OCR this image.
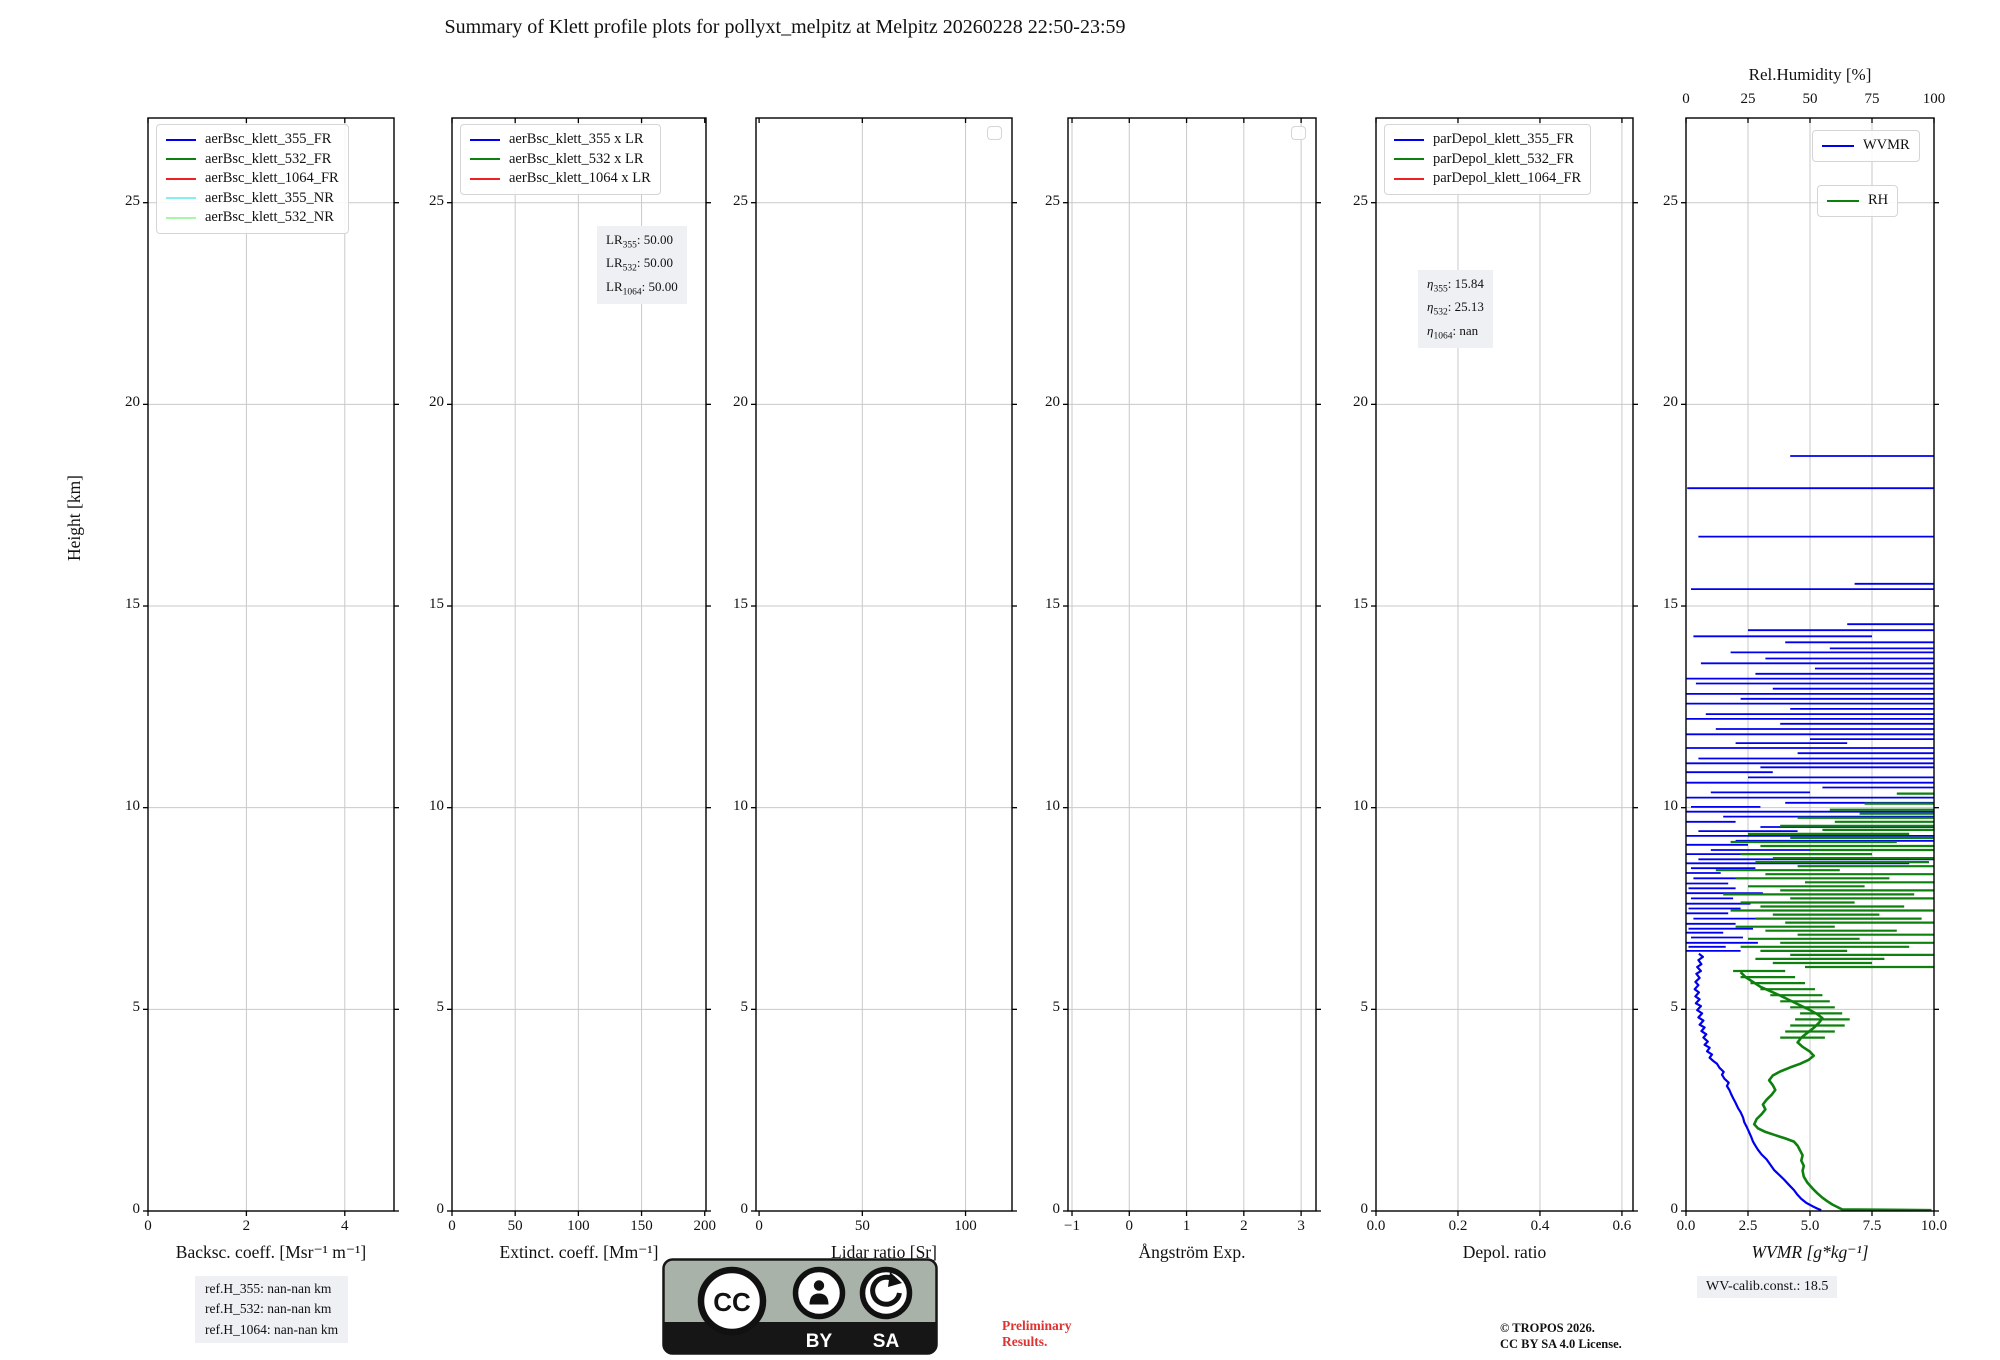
Summary of Klett profile plots for pollyxt_melpitz at Melpitz 20260228 22:50-23:59
Height [km]
ref.H_355: nan-nan km
ref.H_532: nan-nan km
ref.H_1064: nan-nan km
CC
BY SA
Preliminary
Results.
© TROPOS 2026.
CC BY SA 4.0 License.
WV-calib.const.: 18.5
aerBsc_klett_355_FR
aerBsc_klett_532_FR
aerBsc_klett_1064_FR
aerBsc_klett_355_NR
aerBsc_klett_532_NR
0	2	4
0
5
10
15
20
25
Backsc. coeff. [Msr⁻¹ m⁻¹]
aerBsc_klett_355 x LR
aerBsc_klett_532 x LR
aerBsc_klett_1064 x LR
$LR_{355}$: 50.00
$LR_{532}$: 50.00
$LR_{1064}$: 50.00
0	50	100	150	200
0
5
10
15
20
25
Extinct. coeff. [Mm⁻¹]
0	50	100
0
5
10
15
20
25
Lidar ratio [Sr]
−1	0	1	2	3
0
5
10
15
20
25
Ångström Exp.
parDepol_klett_355_FR
parDepol_klett_532_FR
parDepol_klett_1064_FR
$\eta_{355}$: 15.84
$\eta_{532}$: 25.13
$\eta_{1064}$: nan
0.0	0.2	0.4	0.6
0
5
10
15
20
25
Depol. ratio
WVMR
RH
0.0	2.5	5.0	7.5	10.0
0
5
10
15
20
25
WVMR [g*kg⁻¹]
0	25	50	75	100
Rel.Humidity [%]
